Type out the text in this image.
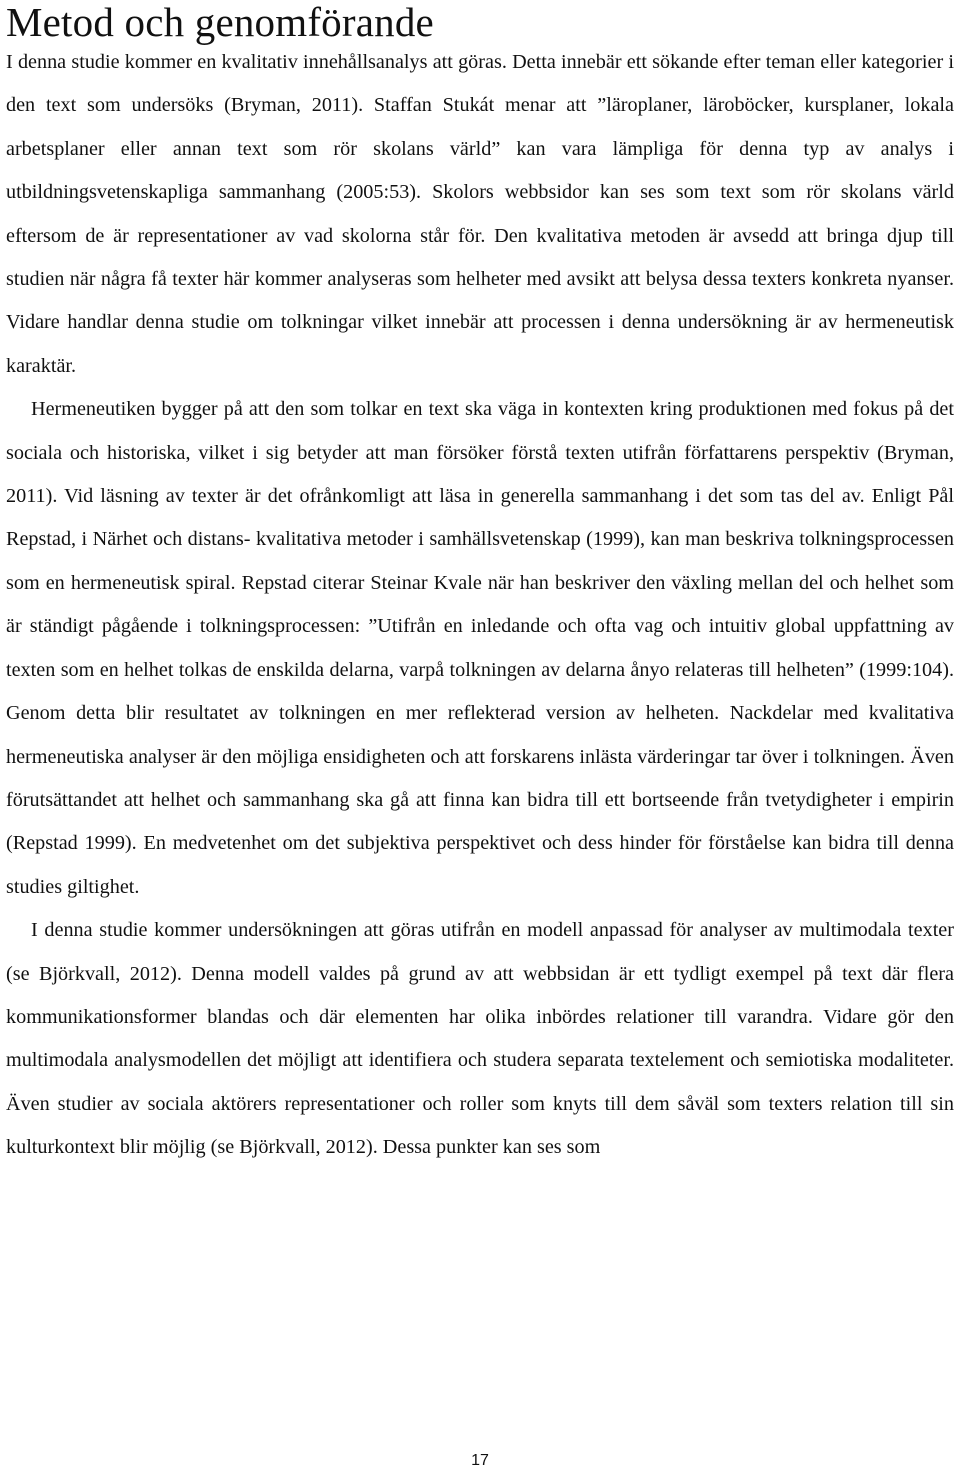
Metod och genomförande

I denna studie kommer en kvalitativ innehållsanalys att göras. Detta innebär ett sökande efter teman eller kategorier i den text som undersöks (Bryman, 2011). Staffan Stukát menar att ”läroplaner, läroböcker, kursplaner, lokala arbetsplaner eller annan text som rör skolans värld” kan vara lämpliga för denna typ av analys i utbildningsvetenskapliga sammanhang (2005:53). Skolors webbsidor kan ses som text som rör skolans värld eftersom de är representationer av vad skolorna står för. Den kvalitativa metoden är avsedd att bringa djup till studien när några få texter här kommer analyseras som helheter med avsikt att belysa dessa texters konkreta nyanser. Vidare handlar denna studie om tolkningar vilket innebär att processen i denna undersökning är av hermeneutisk karaktär.

Hermeneutiken bygger på att den som tolkar en text ska väga in kontexten kring produktionen med fokus på det sociala och historiska, vilket i sig betyder att man försöker förstå texten utifrån författarens perspektiv (Bryman, 2011). Vid läsning av texter är det ofrånkomligt att läsa in generella sammanhang i det som tas del av. Enligt Pål Repstad, i Närhet och distans- kvalitativa metoder i samhällsvetenskap (1999), kan man beskriva tolkningsprocessen som en hermeneutisk spiral. Repstad citerar Steinar Kvale när han beskriver den växling mellan del och helhet som är ständigt pågående i tolkningsprocessen: ”Utifrån en inledande och ofta vag och intuitiv global uppfattning av texten som en helhet tolkas de enskilda delarna, varpå tolkningen av delarna ånyo relateras till helheten” (1999:104). Genom detta blir resultatet av tolkningen en mer reflekterad version av helheten. Nackdelar med kvalitativa hermeneutiska analyser är den möjliga ensidigheten och att forskarens inlästa värderingar tar över i tolkningen. Även förutsättandet att helhet och sammanhang ska gå att finna kan bidra till ett bortseende från tvetydigheter i empirin (Repstad 1999). En medvetenhet om det subjektiva perspektivet och dess hinder för förståelse kan bidra till denna studies giltighet.

I denna studie kommer undersökningen att göras utifrån en modell anpassad för analyser av multimodala texter (se Björkvall, 2012). Denna modell valdes på grund av att webbsidan är ett tydligt exempel på text där flera kommunikationsformer blandas och där elementen har olika inbördes relationer till varandra. Vidare gör den multimodala analysmodellen det möjligt att identifiera och studera separata textelement och semiotiska modaliteter. Även studier av sociala aktörers representationer och roller som knyts till dem såväl som texters relation till sin kulturkontext blir möjlig (se Björkvall, 2012). Dessa punkter kan ses som

17
